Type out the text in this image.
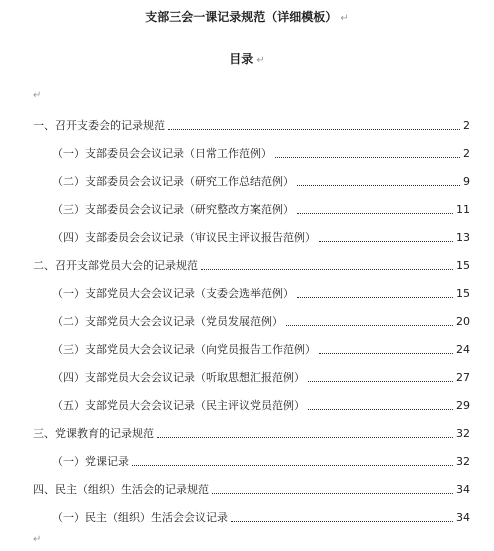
支部三会一课记录规范（详细模板） ↵
目录 ↵
↵
一、召开支委会的记录规范	2
（一）支部委员会会议记录（日常工作范例）	2
（二）支部委员会会议记录（研究工作总结范例）	9
（三）支部委员会会议记录（研究整改方案范例）	11
（四）支部委员会会议记录（审议民主评议报告范例）	13
二、召开支部党员大会的记录规范	15
（一）支部党员大会会议记录（支委会选举范例）	15
（二）支部党员大会会议记录（党员发展范例）	20
（三）支部党员大会会议记录（向党员报告工作范例）	24
（四）支部党员大会会议记录（听取思想汇报范例）	27
（五）支部党员大会会议记录（民主评议党员范例）	29
三、党课教育的记录规范	32
（一）党课记录	32
四、民主（组织）生活会的记录规范	34
（一）民主（组织）生活会会议记录	34
↵
